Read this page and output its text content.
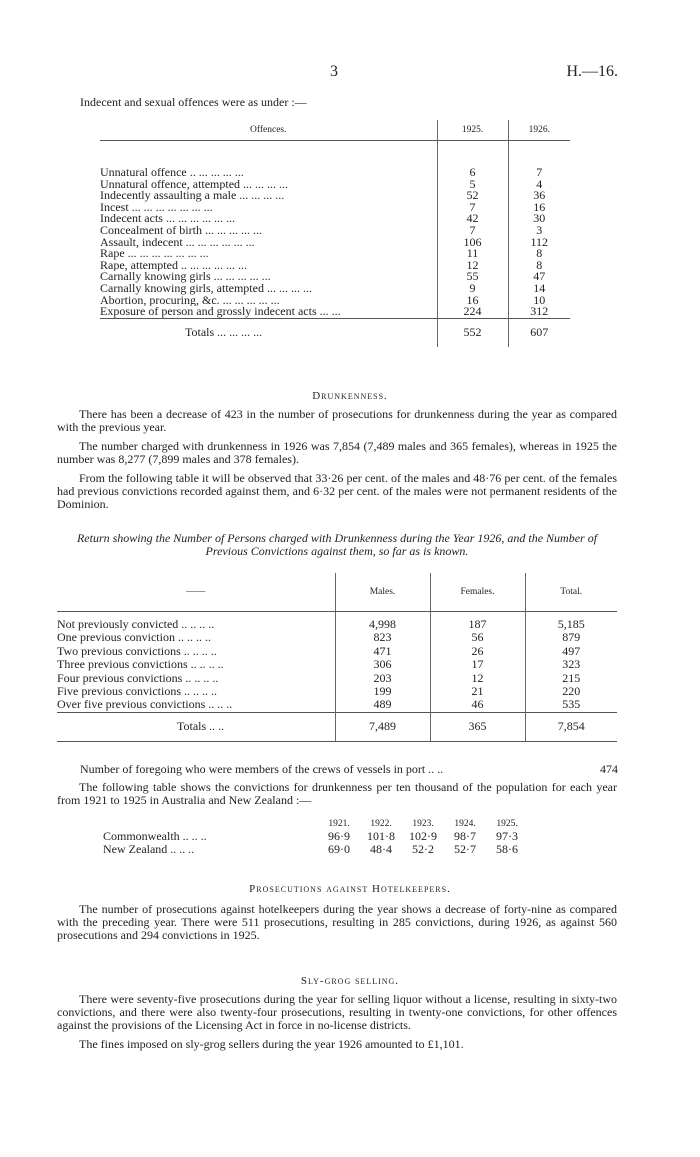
3	H.—16.
Indecent and sexual offences were as under :—
Offences.	1925.	1926.

Unnatural offence .. ... ... ... ...	6	7
Unnatural offence, attempted ... ... ... ...	5	4
Indecently assaulting a male ... ... ... ...	52	36
Incest ... ... ... ... ... ... ...	7	16
Indecent acts ... ... ... ... ... ...	42	30
Concealment of birth ... ... ... ... ...	7	3
Assault, indecent ... ... ... ... ... ...	106	112
Rape ... ... ... ... ... ... ...	11	8
Rape, attempted .. ... ... ... ... ...	12	8
Carnally knowing girls ... ... ... ... ...	55	47
Carnally knowing girls, attempted ... ... ... ...	9	14
Abortion, procuring, &c. ... ... ... ... ...	16	10
Exposure of person and grossly indecent acts ... ...	224	312
Totals ... ... ... ...	552	607
Drunkenness.

There has been a decrease of 423 in the number of prosecutions for drunkenness during the year as compared with the previous year.

The number charged with drunkenness in 1926 was 7,854 (7,489 males and 365 females), whereas in 1925 the number was 8,277 (7,899 males and 378 females).

From the following table it will be observed that 33·26 per cent. of the males and 48·76 per cent. of the females had previous convictions recorded against them, and 6·32 per cent. of the males were not permanent residents of the Dominion.

Return showing the Number of Persons charged with Drunkenness during the Year 1926, and the Number of Previous Convictions against them, so far as is known.
——	Males.	Females.	Total.

Not previously convicted .. .. .. ..	4,998	187	5,185
One previous conviction .. .. .. ..	823	56	879
Two previous convictions .. .. .. ..	471	26	497
Three previous convictions .. .. .. ..	306	17	323
Four previous convictions .. .. .. ..	203	12	215
Five previous convictions .. .. .. ..	199	21	220
Over five previous convictions .. .. ..	489	46	535
Totals .. ..	7,489	365	7,854
Number of foregoing who were members of the crews of vessels in port .. ..	474

The following table shows the convictions for drunkenness per ten thousand of the population for each year from 1921 to 1925 in Australia and New Zealand :—

	1921.	1922.	1923.	1924.	1925.
Commonwealth .. .. ..	96·9	101·8	102·9	98·7	97·3
New Zealand .. .. ..	69·0	48·4	52·2	52·7	58·6
Prosecutions against Hotelkeepers.

The number of prosecutions against hotelkeepers during the year shows a decrease of forty-nine as compared with the preceding year. There were 511 prosecutions, resulting in 285 convictions, during 1926, as against 560 prosecutions and 294 convictions in 1925.

Sly-grog selling.

There were seventy-five prosecutions during the year for selling liquor without a license, resulting in sixty-two convictions, and there were also twenty-four prosecutions, resulting in twenty-one convictions, for other offences against the provisions of the Licensing Act in force in no-license districts.

The fines imposed on sly-grog sellers during the year 1926 amounted to £1,101.
